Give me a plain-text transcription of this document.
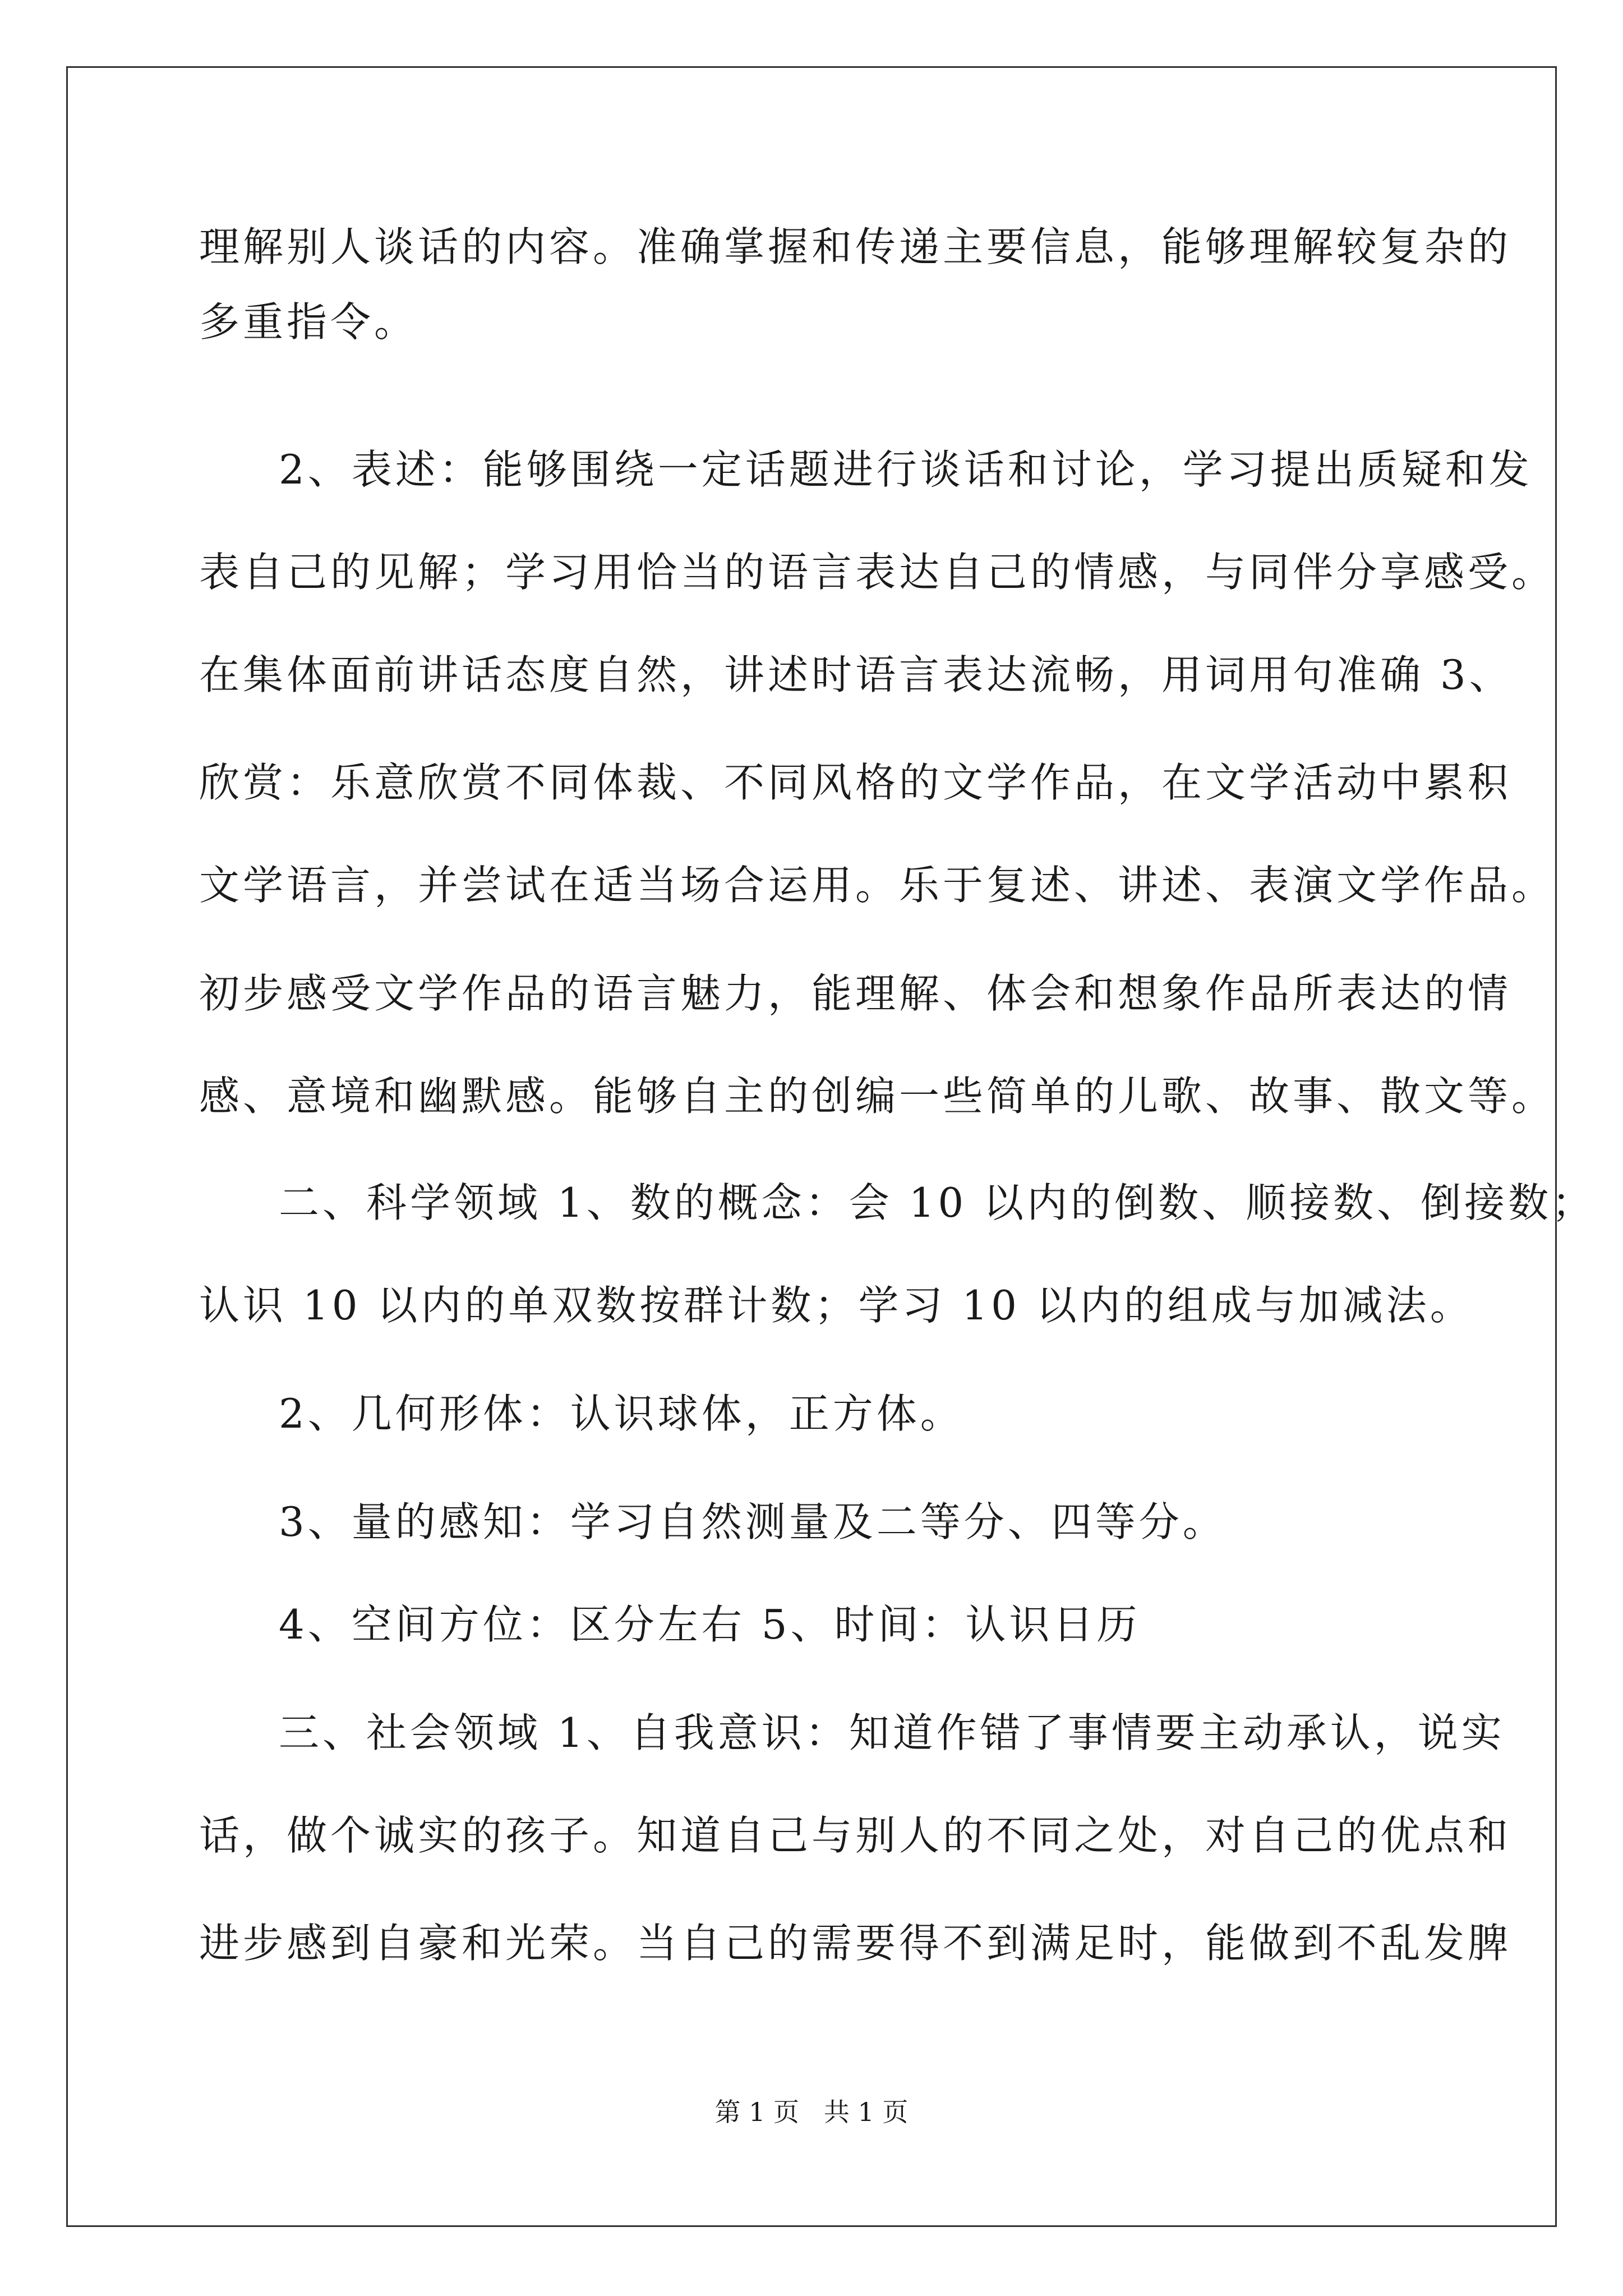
理解别人谈话的内容。准确掌握和传递主要信息，能够理解较复杂的
多重指令。
2、表述：能够围绕一定话题进行谈话和讨论，学习提出质疑和发
表自己的见解；学习用恰当的语言表达自己的情感，与同伴分享感受。
在集体面前讲话态度自然，讲述时语言表达流畅，用词用句准确 3、
欣赏：乐意欣赏不同体裁、不同风格的文学作品，在文学活动中累积
文学语言，并尝试在适当场合运用。乐于复述、讲述、表演文学作品。
初步感受文学作品的语言魅力，能理解、体会和想象作品所表达的情
感、意境和幽默感。能够自主的创编一些简单的儿歌、故事、散文等。
二、科学领域 1、数的概念：会 10 以内的倒数、顺接数、倒接数；
认识 10 以内的单双数按群计数；学习 10 以内的组成与加减法。
2、几何形体：认识球体，正方体。
3、量的感知：学习自然测量及二等分、四等分。
4、空间方位：区分左右 5、时间：认识日历
三、社会领域 1、自我意识：知道作错了事情要主动承认，说实
话，做个诚实的孩子。知道自己与别人的不同之处，对自己的优点和
进步感到自豪和光荣。当自己的需要得不到满足时，能做到不乱发脾
第 1 页   共 1 页
